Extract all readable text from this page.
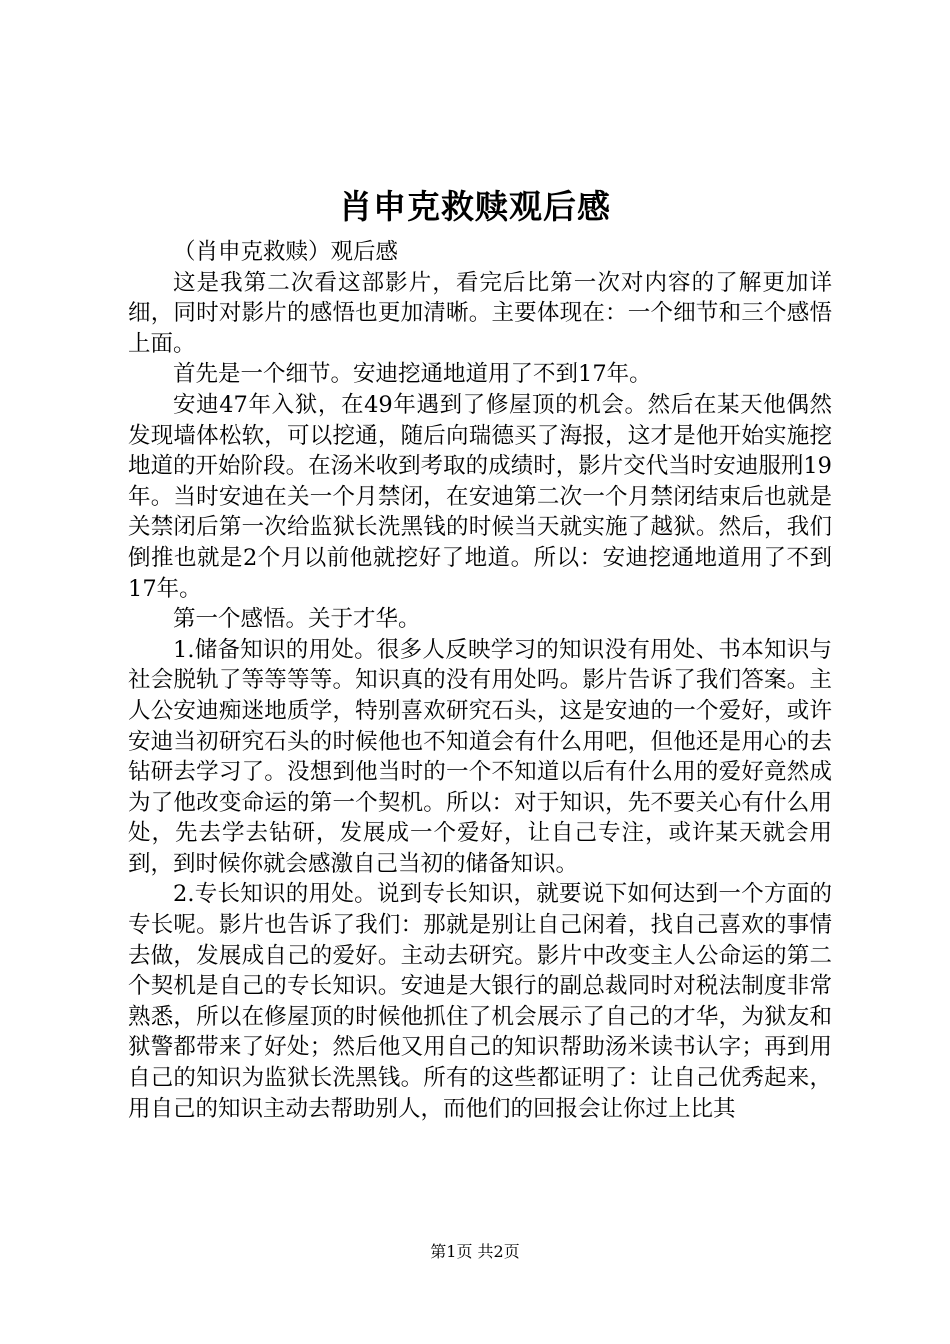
肖申克救赎观后感

（肖申克救赎）观后感

这是我第二次看这部影片，看完后比第一次对内容的了解更加详细，同时对影片的感悟也更加清晰。主要体现在：一个细节和三个感悟上面。

首先是一个细节。安迪挖通地道用了不到17年。

安迪47年入狱，在49年遇到了修屋顶的机会。然后在某天他偶然发现墙体松软，可以挖通，随后向瑞德买了海报，这才是他开始实施挖地道的开始阶段。在汤米收到考取的成绩时，影片交代当时安迪服刑19年。当时安迪在关一个月禁闭，在安迪第二次一个月禁闭结束后也就是关禁闭后第一次给监狱长洗黑钱的时候当天就实施了越狱。然后，我们倒推也就是2个月以前他就挖好了地道。所以：安迪挖通地道用了不到17年。

第一个感悟。关于才华。

1.储备知识的用处。很多人反映学习的知识没有用处、书本知识与社会脱轨了等等等等。知识真的没有用处吗。影片告诉了我们答案。主人公安迪痴迷地质学，特别喜欢研究石头，这是安迪的一个爱好，或许安迪当初研究石头的时候他也不知道会有什么用吧，但他还是用心的去钻研去学习了。没想到他当时的一个不知道以后有什么用的爱好竟然成为了他改变命运的第一个契机。所以：对于知识，先不要关心有什么用处，先去学去钻研，发展成一个爱好，让自己专注，或许某天就会用到，到时候你就会感激自己当初的储备知识。

2.专长知识的用处。说到专长知识，就要说下如何达到一个方面的专长呢。影片也告诉了我们：那就是别让自己闲着，找自己喜欢的事情去做，发展成自己的爱好。主动去研究。影片中改变主人公命运的第二个契机是自己的专长知识。安迪是大银行的副总裁同时对税法制度非常熟悉，所以在修屋顶的时候他抓住了机会展示了自己的才华，为狱友和狱警都带来了好处；然后他又用自己的知识帮助汤米读书认字；再到用自己的知识为监狱长洗黑钱。所有的这些都证明了：让自己优秀起来，用自己的知识主动去帮助别人，而他们的回报会让你过上比其

第1页 共2页
